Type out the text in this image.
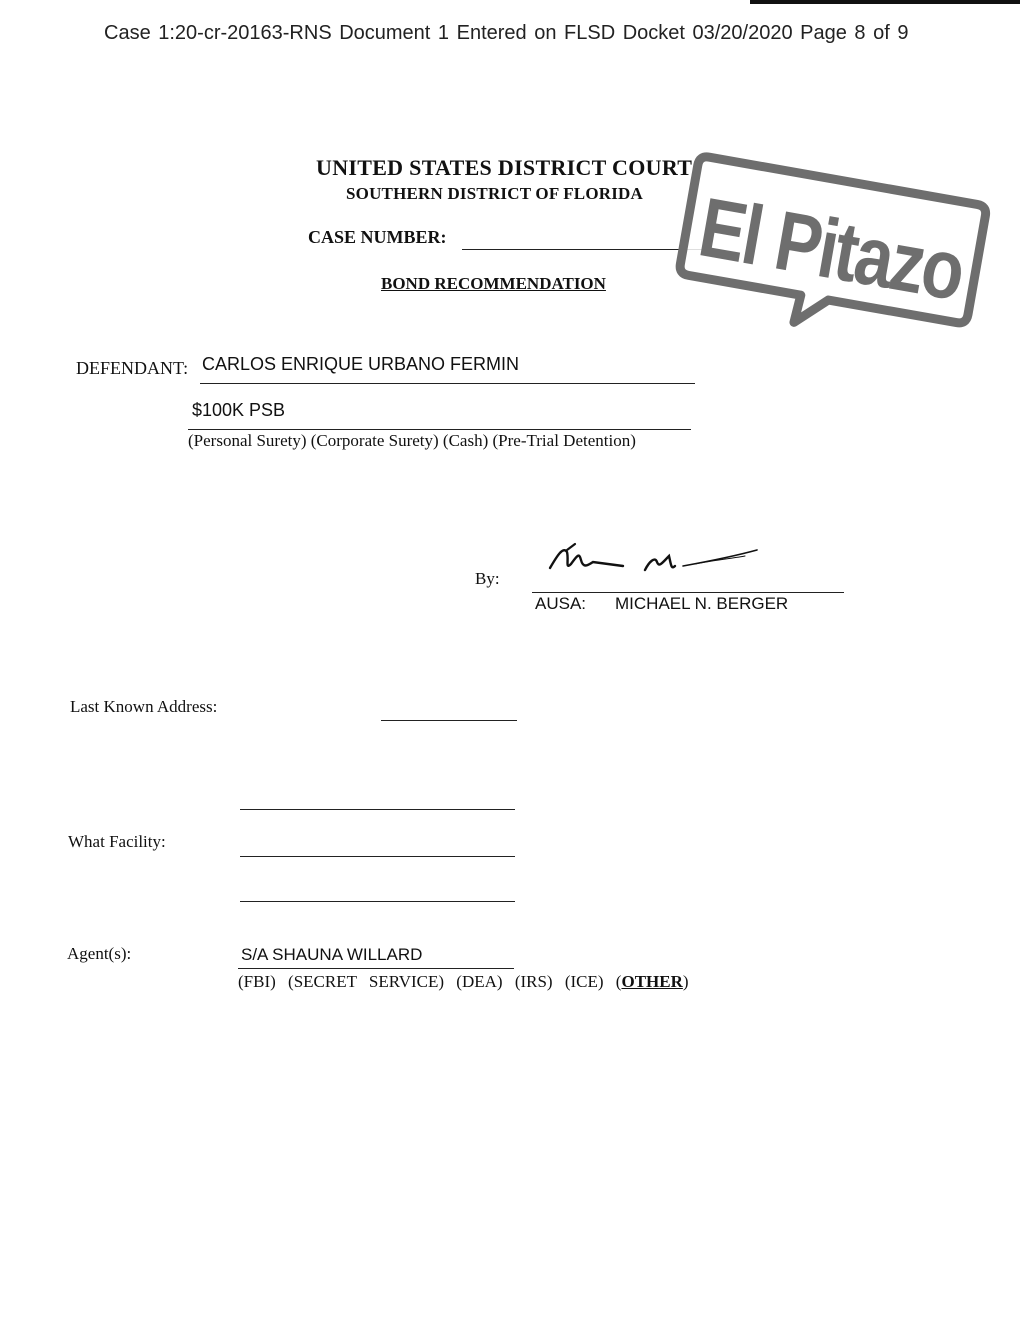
Case 1:20-cr-20163-RNS Document 1 Entered on FLSD Docket 03/20/2020 Page 8 of 9
UNITED STATES DISTRICT COURT
SOUTHERN DISTRICT OF FLORIDA
CASE NUMBER:
BOND RECOMMENDATION
DEFENDANT: CARLOS ENRIQUE URBANO FERMIN
$100K PSB
(Personal Surety) (Corporate Surety) (Cash) (Pre-Trial Detention)
By:
AUSA: MICHAEL N. BERGER
Last Known Address:
What Facility:
Agent(s):	S/A SHAUNA WILLARD
(FBI) (SECRET SERVICE) (DEA) (IRS) (ICE) (OTHER)
El Pitazo
